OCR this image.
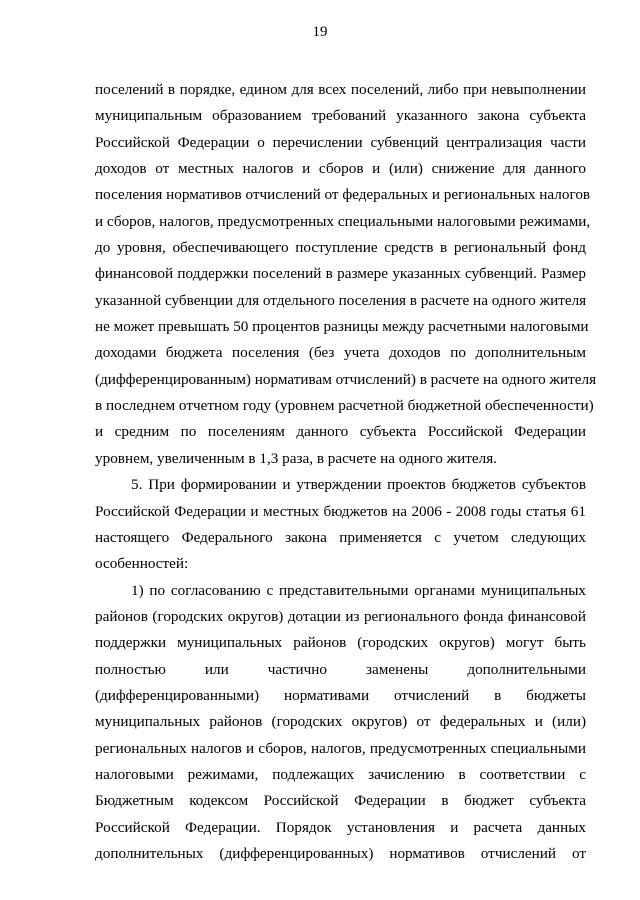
19
поселений в порядке, едином для всех поселений, либо при невыполнении
муниципальным образованием требований указанного закона субъекта
Российской Федерации о перечислении субвенций централизация части
доходов от местных налогов и сборов и (или) снижение для данного
поселения нормативов отчислений от федеральных и региональных налогов
и сборов, налогов, предусмотренных специальными налоговыми режимами,
до уровня, обеспечивающего поступление средств в региональный фонд
финансовой поддержки поселений в размере указанных субвенций. Размер
указанной субвенции для отдельного поселения в расчете на одного жителя
не может превышать 50 процентов разницы между расчетными налоговыми
доходами бюджета поселения (без учета доходов по дополнительным
(дифференцированным) нормативам отчислений) в расчете на одного жителя
в последнем отчетном году (уровнем расчетной бюджетной обеспеченности)
и средним по поселениям данного субъекта Российской Федерации
уровнем, увеличенным в 1,3 раза, в расчете на одного жителя.
5. При формировании и утверждении проектов бюджетов субъектов
Российской Федерации и местных бюджетов на 2006 - 2008 годы статья 61
настоящего Федерального закона применяется с учетом следующих
особенностей:
1) по согласованию с представительными органами муниципальных
районов (городских округов) дотации из регионального фонда финансовой
поддержки муниципальных районов (городских округов) могут быть
полностью или частично заменены дополнительными
(дифференцированными) нормативами отчислений в бюджеты
муниципальных районов (городских округов) от федеральных и (или)
региональных налогов и сборов, налогов, предусмотренных специальными
налоговыми режимами, подлежащих зачислению в соответствии с
Бюджетным кодексом Российской Федерации в бюджет субъекта
Российской Федерации. Порядок установления и расчета данных
дополнительных (дифференцированных) нормативов отчислений от
